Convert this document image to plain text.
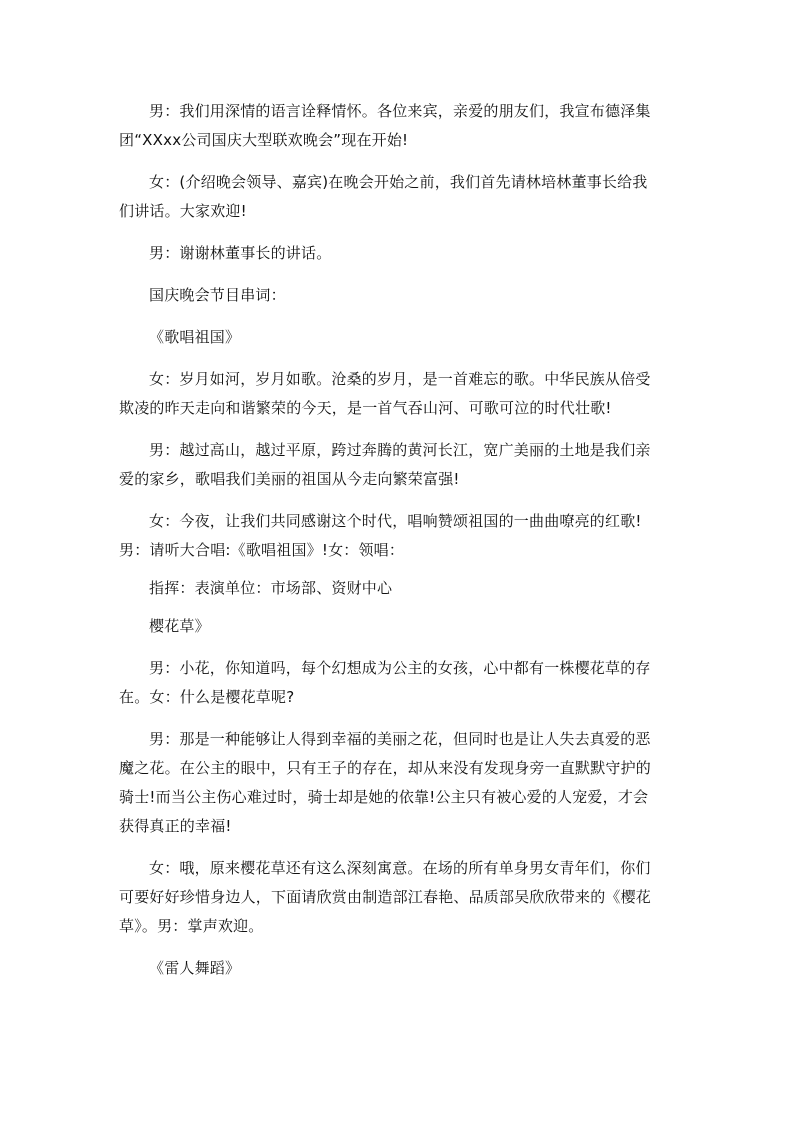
男：我们用深情的语言诠释情怀。各位来宾，亲爱的朋友们，我宣布德泽集
团“XXxx公司国庆大型联欢晚会”现在开始!

女：(介绍晚会领导、嘉宾)在晚会开始之前，我们首先请林培林董事长给我
们讲话。大家欢迎!

男：谢谢林董事长的讲话。

国庆晚会节目串词：

《歌唱祖国》

女：岁月如河，岁月如歌。沧桑的岁月，是一首难忘的歌。中华民族从倍受
欺凌的昨天走向和谐繁荣的今天，是一首气吞山河、可歌可泣的时代壮歌!

男：越过高山，越过平原，跨过奔腾的黄河长江，宽广美丽的土地是我们亲
爱的家乡，歌唱我们美丽的祖国从今走向繁荣富强!

女：今夜，让我们共同感谢这个时代，唱响赞颂祖国的一曲曲嘹亮的红歌!
男：请听大合唱:《歌唱祖国》!女：领唱：

指挥：表演单位：市场部、资财中心

樱花草》

男：小花，你知道吗，每个幻想成为公主的女孩，心中都有一株樱花草的存
在。女：什么是樱花草呢?

男：那是一种能够让人得到幸福的美丽之花，但同时也是让人失去真爱的恶
魔之花。在公主的眼中，只有王子的存在，却从来没有发现身旁一直默默守护的
骑士!而当公主伤心难过时，骑士却是她的依靠!公主只有被心爱的人宠爱，才会
获得真正的幸福!

女：哦，原来樱花草还有这么深刻寓意。在场的所有单身男女青年们，你们
可要好好珍惜身边人，下面请欣赏由制造部江春艳、品质部吴欣欣带来的《樱花
草》。男：掌声欢迎。

《雷人舞蹈》
